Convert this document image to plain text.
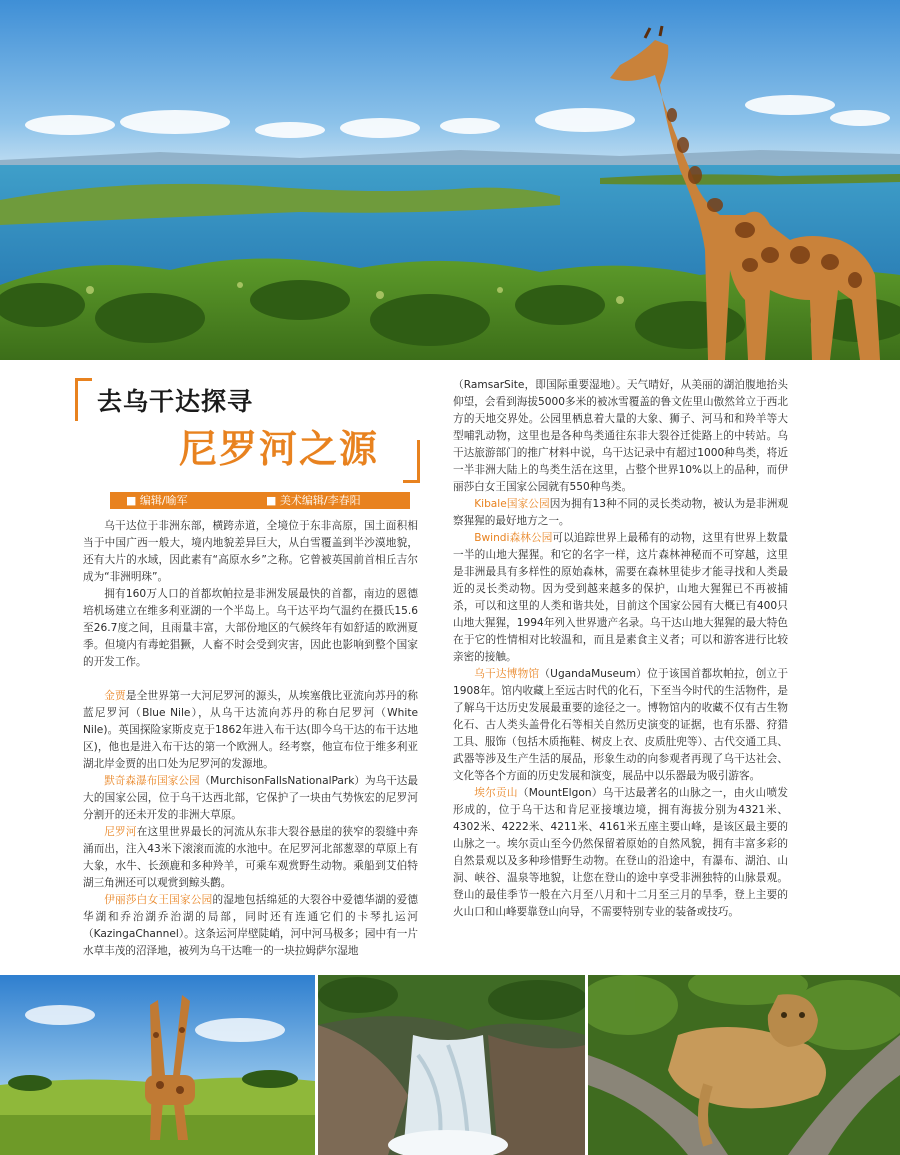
去乌干达探寻
尼罗河之源
■ 编辑/喻军	■ 美术编辑/李春阳

乌干达位于非洲东部，横跨赤道，全境位于东非高原，国土面积相当于中国广西一般大，境内地貌差异巨大，从白雪覆盖到半沙漠地貌，还有大片的水域，因此素有“高原水乡”之称。它曾被英国前首相丘吉尔成为“非洲明珠”。

拥有160万人口的首都坎帕拉是非洲发展最快的首都，南边的恩德培机场建立在维多利亚湖的一个半岛上。乌干达平均气温约在摄氏15.6至26.7度之间，且雨量丰富，大部份地区的气候终年有如舒适的欧洲夏季。但境内有毒蛇猖獗，人畜不时会受到灾害，因此也影响到整个国家的开发工作。

金贾是全世界第一大河尼罗河的源头，从埃塞俄比亚流向苏丹的称蓝尼罗河（Blue Nile），从乌干达流向苏丹的称白尼罗河（White Nile)。英国探险家斯皮克于1862年进入布干达(即今乌干达的布干达地区)，他也是进入布干达的第一个欧洲人。经考察，他宣布位于维多利亚湖北岸金贾的出口处为尼罗河的发源地。

默奇森瀑布国家公园（MurchisonFallsNationalPark）为乌干达最大的国家公园，位于乌干达西北部，它保护了一块由气势恢宏的尼罗河分割开的还未开发的非洲大草原。

尼罗河在这里世界最长的河流从东非大裂谷悬崖的狭窄的裂缝中奔涌而出，注入43米下滚滚而流的水池中。在尼罗河北部葱翠的草原上有大象，水牛、长颈鹿和多种羚羊，可乘车观赏野生动物。乘船到艾伯特湖三角洲还可以观赏到鲸头鹳。

伊丽莎白女王国家公园的湿地包括绵延的大裂谷中爱德华湖的爱德华湖和乔治湖乔治湖的局部，同时还有连通它们的卡琴扎运河（KazingaChannel）。这条运河岸壁陡峭，河中河马极多；园中有一片水草丰茂的沼泽地，被列为乌干达唯一的一块拉姆萨尔湿地

（RamsarSite，即国际重要湿地）。天气晴好，从美丽的湖泊腹地抬头仰望，会看到海拔5000多米的被冰雪覆盖的鲁文佐里山傲然耸立于西北方的天地交界处。公园里栖息着大量的大象、狮子、河马和和羚羊等大型哺乳动物，这里也是各种鸟类通往东非大裂谷迁徙路上的中转站。乌干达旅游部门的推广材料中说，乌干达记录中有超过1000种鸟类，将近一半非洲大陆上的鸟类生活在这里，占整个世界10%以上的品种，而伊丽莎白女王国家公园就有550种鸟类。

Kibale国家公园因为拥有13种不同的灵长类动物，被认为是非洲观察猩猩的最好地方之一。

Bwindi森林公园可以追踪世界上最稀有的动物，这里有世界上数量一半的山地大猩猩。和它的名字一样，这片森林神秘而不可穿越，这里是非洲最具有多样性的原始森林，需要在森林里徒步才能寻找和人类最近的灵长类动物。因为受到越来越多的保护，山地大猩猩已不再被捕杀，可以和这里的人类和谐共处，目前这个国家公园有大概已有400只山地大猩猩，1994年列入世界遗产名录。乌干达山地大猩猩的最大特色在于它的性情相对比较温和，而且是素食主义者；可以和游客进行比较亲密的接触。

乌干达博物馆（UgandaMuseum）位于该国首都坎帕拉，创立于1908年。馆内收藏上至远古时代的化石，下至当今时代的生活物件，是了解乌干达历史发展最重要的途径之一。博物馆内的收藏不仅有古生物化石、古人类头盖骨化石等相关自然历史演变的证据，也有乐器、狩猎工具、服饰（包括木质拖鞋、树皮上衣、皮质肚兜等）、古代交通工具、武器等涉及生产生活的展品，形象生动的向参观者再现了乌干达社会、文化等各个方面的历史发展和演变，展品中以乐器最为吸引游客。

埃尔贡山（MountElgon）乌干达最著名的山脉之一，由火山喷发形成的，位于乌干达和肯尼亚接壤边境，拥有海拔分别为4321米、4302米、4222米、4211米、4161米五座主要山峰，是该区最主要的山脉之一。埃尔贡山至今仍然保留着原始的自然风貌，拥有丰富多彩的自然景观以及多种珍惜野生动物。在登山的沿途中，有瀑布、湖泊、山洞、峡谷、温泉等地貌，让您在登山的途中享受非洲独特的山脉景观。登山的最佳季节一般在六月至八月和十二月至三月的旱季，登上主要的火山口和山峰要靠登山向导，不需要特别专业的装备或技巧。
